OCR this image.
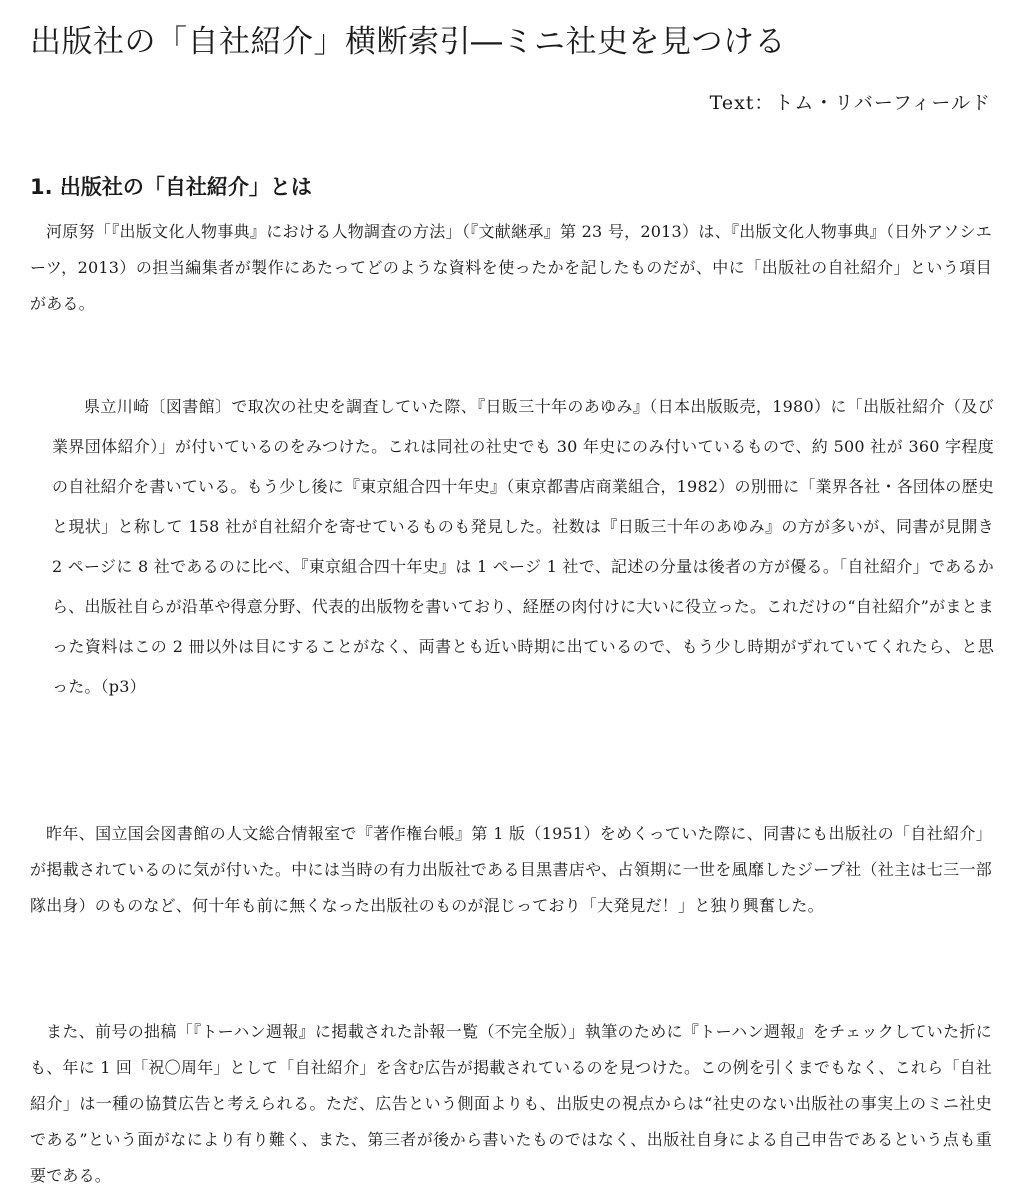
出版社の「自社紹介」横断索引―ミニ社史を見つける
Text：トム・リバーフィールド
1. 出版社の「自社紹介」とは

河原努「『出版文化人物事典』における人物調査の方法」（『文献継承』第 23 号，2013）は、『出版文化人物事典』（日外アソシエーツ，2013）の担当編集者が製作にあたってどのような資料を使ったかを記したものだが、中に「出版社の自社紹介」という項目がある。

県立川崎〔図書館〕で取次の社史を調査していた際、『日販三十年のあゆみ』（日本出版販売，1980）に「出版社紹介（及び業界団体紹介）」が付いているのをみつけた。これは同社の社史でも 30 年史にのみ付いているもので、約 500 社が 360 字程度の自社紹介を書いている。もう少し後に『東京組合四十年史』（東京都書店商業組合，1982）の別冊に「業界各社・各団体の歴史と現状」と称して 158 社が自社紹介を寄せているものも発見した。社数は『日販三十年のあゆみ』の方が多いが、同書が見開き 2 ページに 8 社であるのに比べ、『東京組合四十年史』は 1 ページ 1 社で、記述の分量は後者の方が優る。「自社紹介」であるから、出版社自らが沿革や得意分野、代表的出版物を書いており、経歴の肉付けに大いに役立った。これだけの“自社紹介”がまとまった資料はこの 2 冊以外は目にすることがなく、両書とも近い時期に出ているので、もう少し時期がずれていてくれたら、と思った。（p3）

昨年、国立国会図書館の人文総合情報室で『著作権台帳』第 1 版（1951）をめくっていた際に、同書にも出版社の「自社紹介」が掲載されているのに気が付いた。中には当時の有力出版社である目黒書店や、占領期に一世を風靡したジープ社（社主は七三一部隊出身）のものなど、何十年も前に無くなった出版社のものが混じっており「大発見だ！」と独り興奮した。

また、前号の拙稿「『トーハン週報』に掲載された訃報一覧（不完全版）」執筆のために『トーハン週報』をチェックしていた折にも、年に 1 回「祝〇周年」として「自社紹介」を含む広告が掲載されているのを見つけた。この例を引くまでもなく、これら「自社紹介」は一種の協賛広告と考えられる。ただ、広告という側面よりも、出版史の視点からは“社史のない出版社の事実上のミニ社史である”という面がなにより有り難く、また、第三者が後から書いたものではなく、出版社自身による自己申告であるという点も重要である。
